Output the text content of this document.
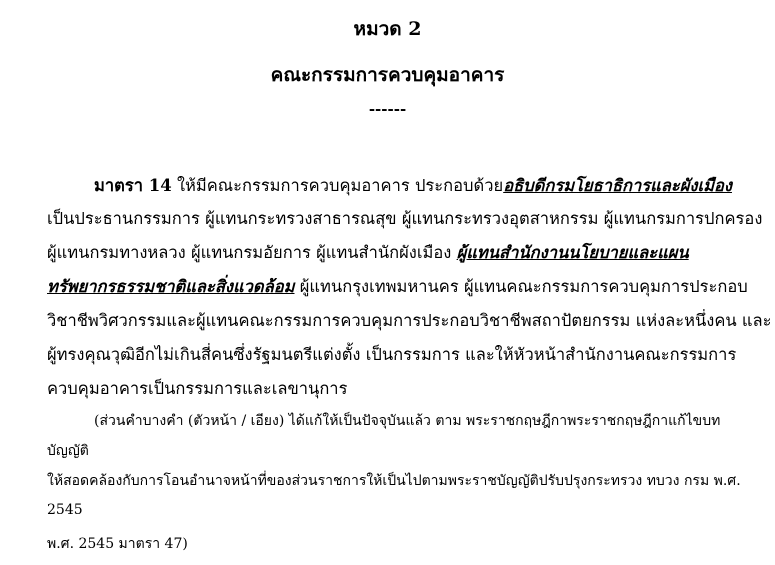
หมวด 2
คณะกรรมการควบคุมอาคาร
------
มาตรา 14 ให้มีคณะกรรมการควบคุมอาคาร ประกอบด้วยอธิบดีกรมโยธาธิการและผังเมือง
เป็นประธานกรรมการ ผู้แทนกระทรวงสาธารณสุข ผู้แทนกระทรวงอุตสาหกรรม ผู้แทนกรมการปกครอง
ผู้แทนกรมทางหลวง ผู้แทนกรมอัยการ ผู้แทนสำนักผังเมือง ผู้แทนสำนักงานนโยบายและแผน
ทรัพยากรธรรมชาติและสิ่งแวดล้อม ผู้แทนกรุงเทพมหานคร ผู้แทนคณะกรรมการควบคุมการประกอบ
วิชาชีพวิศวกรรมและผู้แทนคณะกรรมการควบคุมการประกอบวิชาชีพสถาปัตยกรรม แห่งละหนึ่งคน และ
ผู้ทรงคุณวุฒิอีกไม่เกินสี่คนซึ่งรัฐมนตรีแต่งตั้ง เป็นกรรมการ และให้หัวหน้าสำนักงานคณะกรรมการ
ควบคุมอาคารเป็นกรรมการและเลขานุการ
(ส่วนคำบางคำ (ตัวหน้า / เอียง) ได้แก้ให้เป็นปัจจุบันแล้ว ตาม พระราชกฤษฎีกาพระราชกฤษฎีกาแก้ไขบท
บัญญัติ
ให้สอดคล้องกับการโอนอำนาจหน้าที่ของส่วนราชการให้เป็นไปตามพระราชบัญญัติปรับปรุงกระทรวง ทบวง กรม พ.ศ.
2545
พ.ศ. 2545 มาตรา 47)
